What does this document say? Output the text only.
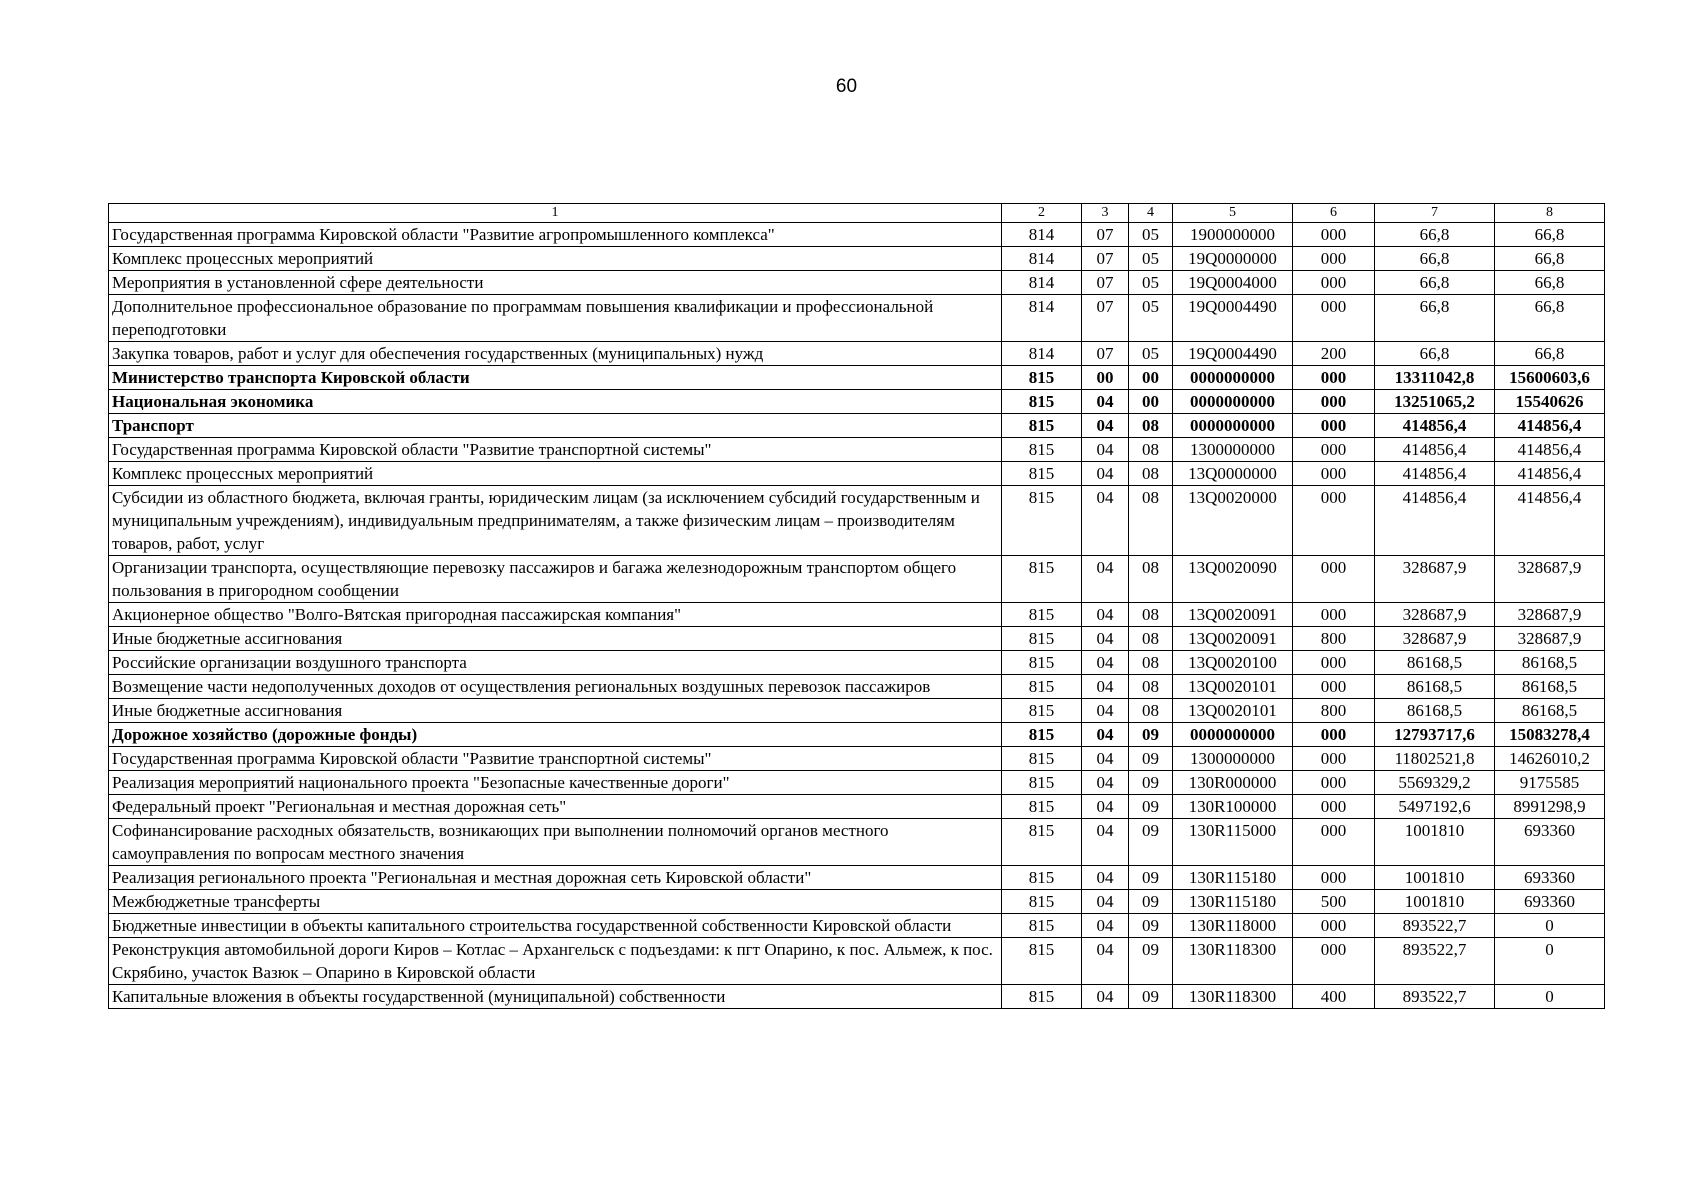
60
1	2	3	4	5	6	7	8
Государственная программа Кировской области "Развитие агропромышленного комплекса"	814	07	05	1900000000	000	66,8	66,8
Комплекс процессных мероприятий	814	07	05	19Q0000000	000	66,8	66,8
Мероприятия в установленной сфере деятельности	814	07	05	19Q0004000	000	66,8	66,8
Дополнительное профессиональное образование по программам повышения квалификации и профессиональной переподготовки	814	07	05	19Q0004490	000	66,8	66,8
Закупка товаров, работ и услуг для обеспечения государственных (муниципальных) нужд	814	07	05	19Q0004490	200	66,8	66,8
Министерство транспорта Кировской области	815	00	00	0000000000	000	13311042,8	15600603,6
Национальная экономика	815	04	00	0000000000	000	13251065,2	15540626
Транспорт	815	04	08	0000000000	000	414856,4	414856,4
Государственная программа Кировской области "Развитие транспортной системы"	815	04	08	1300000000	000	414856,4	414856,4
Комплекс процессных мероприятий	815	04	08	13Q0000000	000	414856,4	414856,4
Субсидии из областного бюджета, включая гранты, юридическим лицам (за исключением субсидий государственным и муниципальным учреждениям), индивидуальным предпринимателям, а также физическим лицам – производителям товаров, работ, услуг	815	04	08	13Q0020000	000	414856,4	414856,4
Организации транспорта, осуществляющие перевозку пассажиров и багажа железнодорожным транспортом общего пользования в пригородном сообщении	815	04	08	13Q0020090	000	328687,9	328687,9
Акционерное общество "Волго-Вятская пригородная пассажирская компания"	815	04	08	13Q0020091	000	328687,9	328687,9
Иные бюджетные ассигнования	815	04	08	13Q0020091	800	328687,9	328687,9
Российские организации воздушного транспорта	815	04	08	13Q0020100	000	86168,5	86168,5
Возмещение части недополученных доходов от осуществления региональных воздушных перевозок пассажиров	815	04	08	13Q0020101	000	86168,5	86168,5
Иные бюджетные ассигнования	815	04	08	13Q0020101	800	86168,5	86168,5
Дорожное хозяйство (дорожные фонды)	815	04	09	0000000000	000	12793717,6	15083278,4
Государственная программа Кировской области "Развитие транспортной системы"	815	04	09	1300000000	000	11802521,8	14626010,2
Реализация мероприятий национального проекта "Безопасные качественные дороги"	815	04	09	130R000000	000	5569329,2	9175585
Федеральный проект "Региональная и местная дорожная сеть"	815	04	09	130R100000	000	5497192,6	8991298,9
Софинансирование расходных обязательств, возникающих при выполнении полномочий органов местного самоуправления по вопросам местного значения	815	04	09	130R115000	000	1001810	693360
Реализация регионального проекта "Региональная и местная дорожная сеть Кировской области"	815	04	09	130R115180	000	1001810	693360
Межбюджетные трансферты	815	04	09	130R115180	500	1001810	693360
Бюджетные инвестиции в объекты капитального строительства государственной собственности Кировской области	815	04	09	130R118000	000	893522,7	0
Реконструкция автомобильной дороги Киров – Котлас – Архангельск с подъездами: к пгт Опарино, к пос. Альмеж, к пос. Скрябино, участок Вазюк – Опарино в Кировской области	815	04	09	130R118300	000	893522,7	0
Капитальные вложения в объекты государственной (муниципальной) собственности	815	04	09	130R118300	400	893522,7	0
